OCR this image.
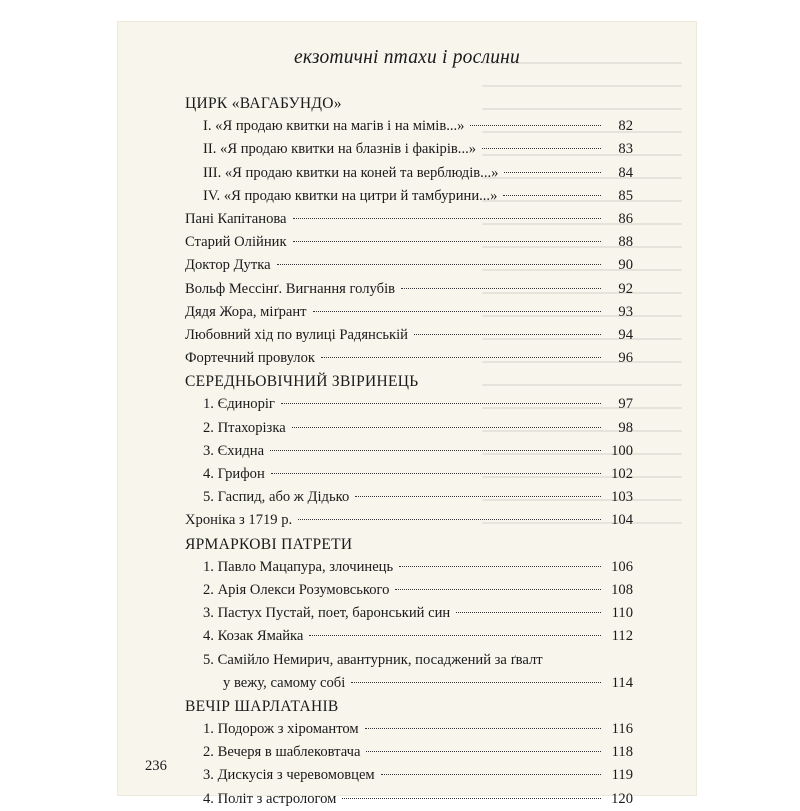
екзотичні птахи і рослини
ЦИРК «ВАГАБУНДО»
І. «Я продаю квитки на магів і на мімів...»	82
ІІ. «Я продаю квитки на блазнів і факірів...»	83
ІІІ. «Я продаю квитки на коней та верблюдів...»	84
IV. «Я продаю квитки на цитри й тамбурини...»	85
Пані Капітанова	86
Старий Олійник	88
Доктор Дутка	90
Вольф Мессінґ. Вигнання голубів	92
Дядя Жора, міґрант	93
Любовний хід по вулиці Радянській	94
Фортечний провулок	96
СЕРЕДНЬОВІЧНИЙ ЗВІРИНЕЦЬ
1. Єдиноріг	97
2. Птахорізка	98
3. Єхидна	100
4. Грифон	102
5. Гаспид, або ж Дідько	103
Хроніка з 1719 р.	104
ЯРМАРКОВІ ПАТРЕТИ
1. Павло Мацапура, злочинець	106
2. Арія Олекси Розумовського	108
3. Пастух Пустай, поет, баронський син	110
4. Козак Ямайка	112
5. Самійло Немирич, авантурник, посаджений за ґвалт
у вежу, самому собі	114
ВЕЧІР ШАРЛАТАНІВ
1. Подорож з хіромантом	116
2. Вечеря в шаблековтача	118
3. Дискусія з черевомовцем	119
4. Політ з астрологом	120
236
